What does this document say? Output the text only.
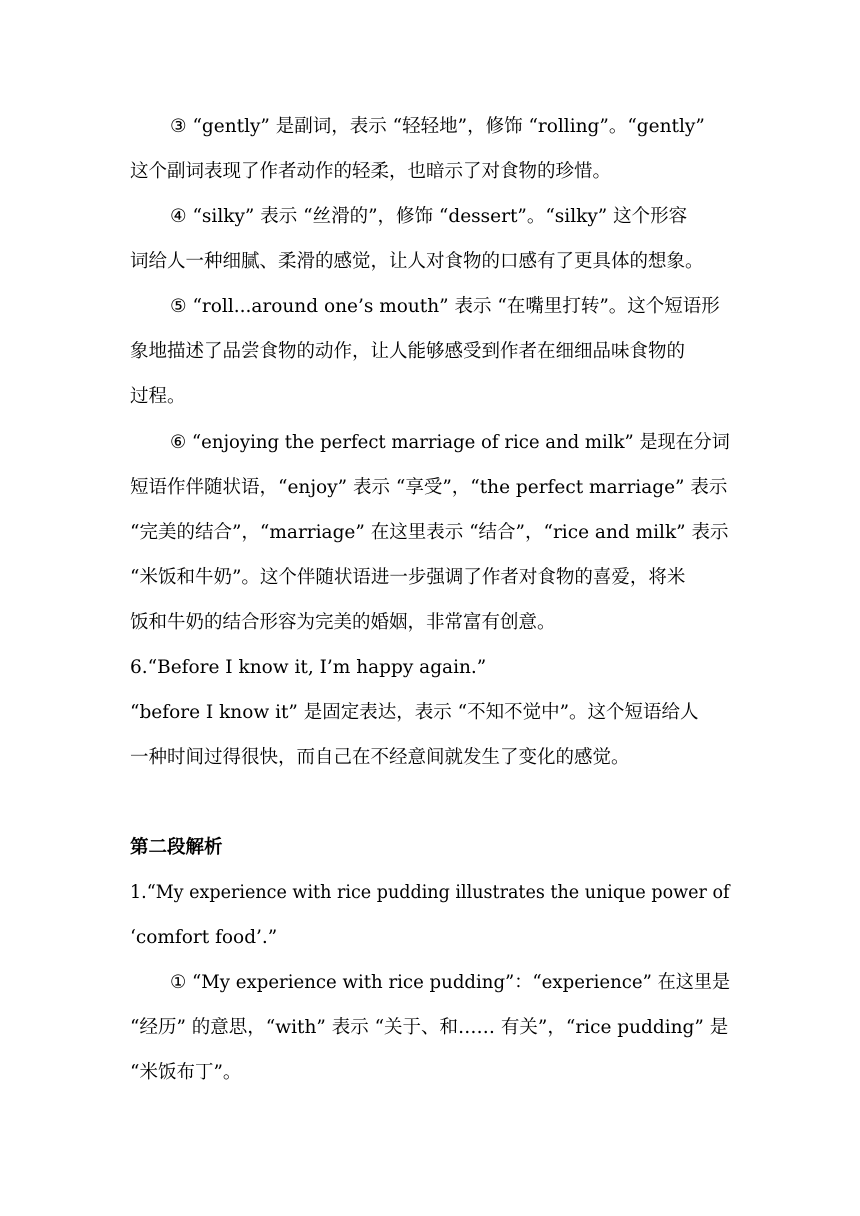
③ “gently” 是副词，表示 “轻轻地”，修饰 “rolling”。“gently”
这个副词表现了作者动作的轻柔，也暗示了对食物的珍惜。
④ “silky” 表示 “丝滑的”，修饰 “dessert”。“silky” 这个形容
词给人一种细腻、柔滑的感觉，让人对食物的口感有了更具体的想象。
⑤ “roll...around one’s mouth” 表示 “在嘴里打转”。这个短语形
象地描述了品尝食物的动作，让人能够感受到作者在细细品味食物的
过程。
⑥ “enjoying the perfect marriage of rice and milk” 是现在分词
短语作伴随状语，“enjoy” 表示 “享受”，“the perfect marriage” 表示
“完美的结合”，“marriage” 在这里表示 “结合”，“rice and milk” 表示
“米饭和牛奶”。这个伴随状语进一步强调了作者对食物的喜爱，将米
饭和牛奶的结合形容为完美的婚姻，非常富有创意。
6.“Before I know it, I’m happy again.”
“before I know it” 是固定表达，表示 “不知不觉中”。这个短语给人
一种时间过得很快，而自己在不经意间就发生了变化的感觉。
第二段解析
1.“My experience with rice pudding illustrates the unique power of
‘comfort food’.”
① “My experience with rice pudding”：“experience” 在这里是
“经历” 的意思，“with” 表示 “关于、和…… 有关”，“rice pudding” 是
“米饭布丁”。
